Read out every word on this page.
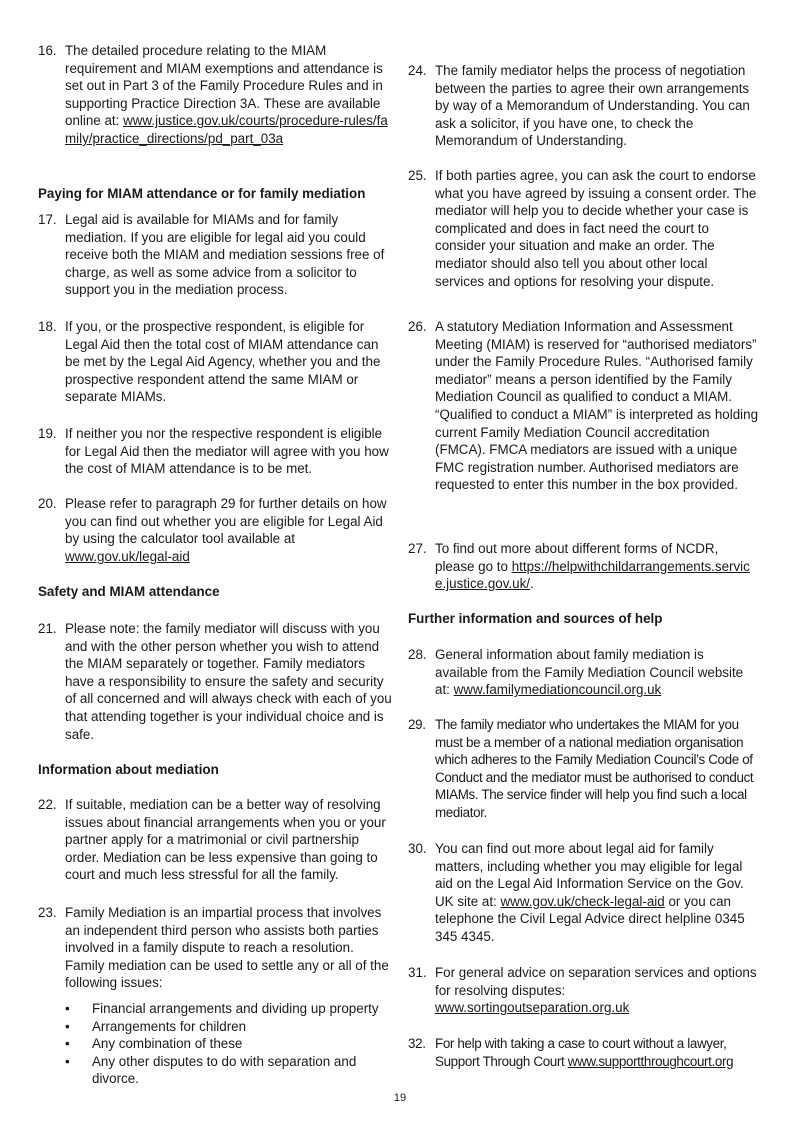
16. The detailed procedure relating to the MIAM requirement and MIAM exemptions and attendance is set out in Part 3 of the Family Procedure Rules and in supporting Practice Direction 3A. These are available online at: www.justice.gov.uk/courts/procedure-rules/family/practice_directions/pd_part_03a
Paying for MIAM attendance or for family mediation
17. Legal aid is available for MIAMs and for family mediation. If you are eligible for legal aid you could receive both the MIAM and mediation sessions free of charge, as well as some advice from a solicitor to support you in the mediation process.
18. If you, or the prospective respondent, is eligible for Legal Aid then the total cost of MIAM attendance can be met by the Legal Aid Agency, whether you and the prospective respondent attend the same MIAM or separate MIAMs.
19. If neither you nor the respective respondent is eligible for Legal Aid then the mediator will agree with you how the cost of MIAM attendance is to be met.
20. Please refer to paragraph 29 for further details on how you can find out whether you are eligible for Legal Aid by using the calculator tool available at www.gov.uk/legal-aid
Safety and MIAM attendance
21. Please note: the family mediator will discuss with you and with the other person whether you wish to attend the MIAM separately or together. Family mediators have a responsibility to ensure the safety and security of all concerned and will always check with each of you that attending together is your individual choice and is safe.
Information about mediation
22. If suitable, mediation can be a better way of resolving issues about financial arrangements when you or your partner apply for a matrimonial or civil partnership order. Mediation can be less expensive than going to court and much less stressful for all the family.
23. Family Mediation is an impartial process that involves an independent third person who assists both parties involved in a family dispute to reach a resolution. Family mediation can be used to settle any or all of the following issues:
•	Financial arrangements and dividing up property
•	Arrangements for children
•	Any combination of these
•	Any other disputes to do with separation and divorce.
24. The family mediator helps the process of negotiation between the parties to agree their own arrangements by way of a Memorandum of Understanding. You can ask a solicitor, if you have one, to check the Memorandum of Understanding.
25. If both parties agree, you can ask the court to endorse what you have agreed by issuing a consent order. The mediator will help you to decide whether your case is complicated and does in fact need the court to consider your situation and make an order. The mediator should also tell you about other local services and options for resolving your dispute.
26. A statutory Mediation Information and Assessment Meeting (MIAM) is reserved for “authorised mediators” under the Family Procedure Rules. “Authorised family mediator” means a person identified by the Family Mediation Council as qualified to conduct a MIAM. “Qualified to conduct a MIAM” is interpreted as holding current Family Mediation Council accreditation (FMCA). FMCA mediators are issued with a unique FMC registration number. Authorised mediators are requested to enter this number in the box provided.
27. To find out more about different forms of NCDR, please go to https://helpwithchildarrangements.service.justice.gov.uk/.
Further information and sources of help
28. General information about family mediation is available from the Family Mediation Council website at: www.familymediationcouncil.org.uk
29. The family mediator who undertakes the MIAM for you must be a member of a national mediation organisation which adheres to the Family Mediation Council’s Code of Conduct and the mediator must be authorised to conduct MIAMs. The service finder will help you find such a local mediator.
30. You can find out more about legal aid for family matters, including whether you may eligible for legal aid on the Legal Aid Information Service on the Gov. UK site at: www.gov.uk/check-legal-aid or you can telephone the Civil Legal Advice direct helpline 0345 345 4345.
31. For general advice on separation services and options for resolving disputes: www.sortingoutseparation.org.uk
32. For help with taking a case to court without a lawyer, Support Through Court www.supportthroughcourt.org
19
